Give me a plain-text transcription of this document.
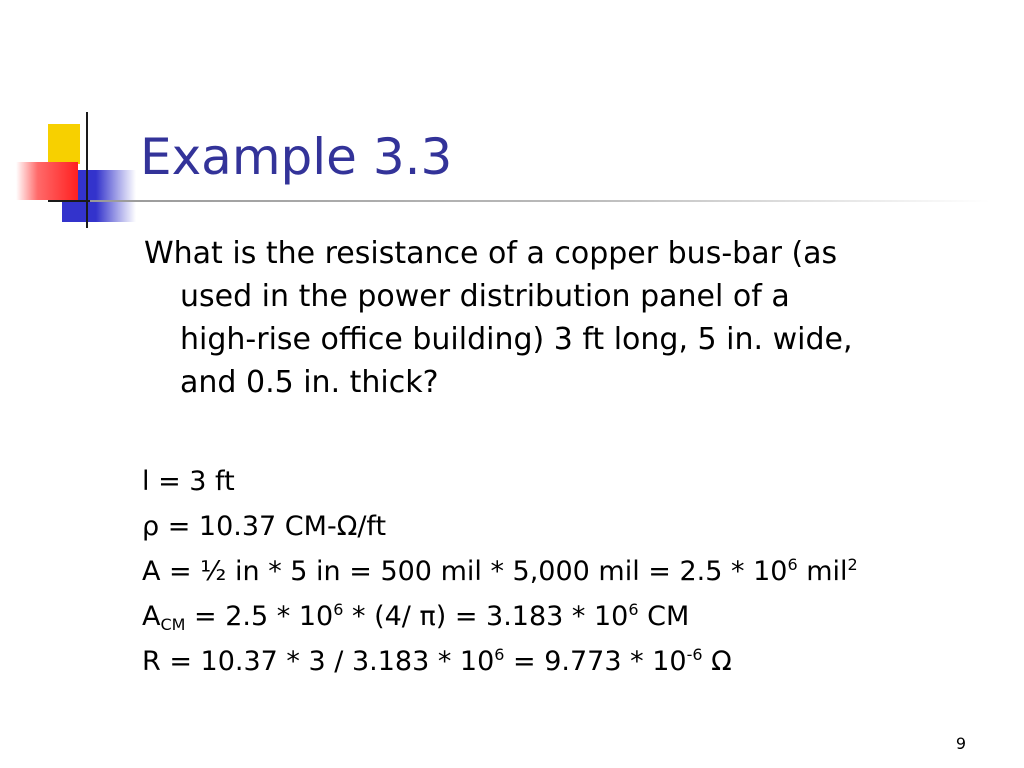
Example 3.3
What is the resistance of a copper bus-bar (as
used in the power distribution panel of a
high-rise office building) 3 ft long, 5 in. wide,
and 0.5 in. thick?
l = 3 ft
ρ = 10.37 CM-Ω/ft
A = ½ in * 5 in = 500 mil * 5,000 mil = $2.5 * 10^6$ mil$^2$
$A_{CM} = 2.5 * 10^6 * (4/$ $\pi) = 3.183 * 10^6$ CM
$R = 10.37 * 3 / 3.183 * 10^6 = 9.773 * 10^{-6}$ Ω
9
